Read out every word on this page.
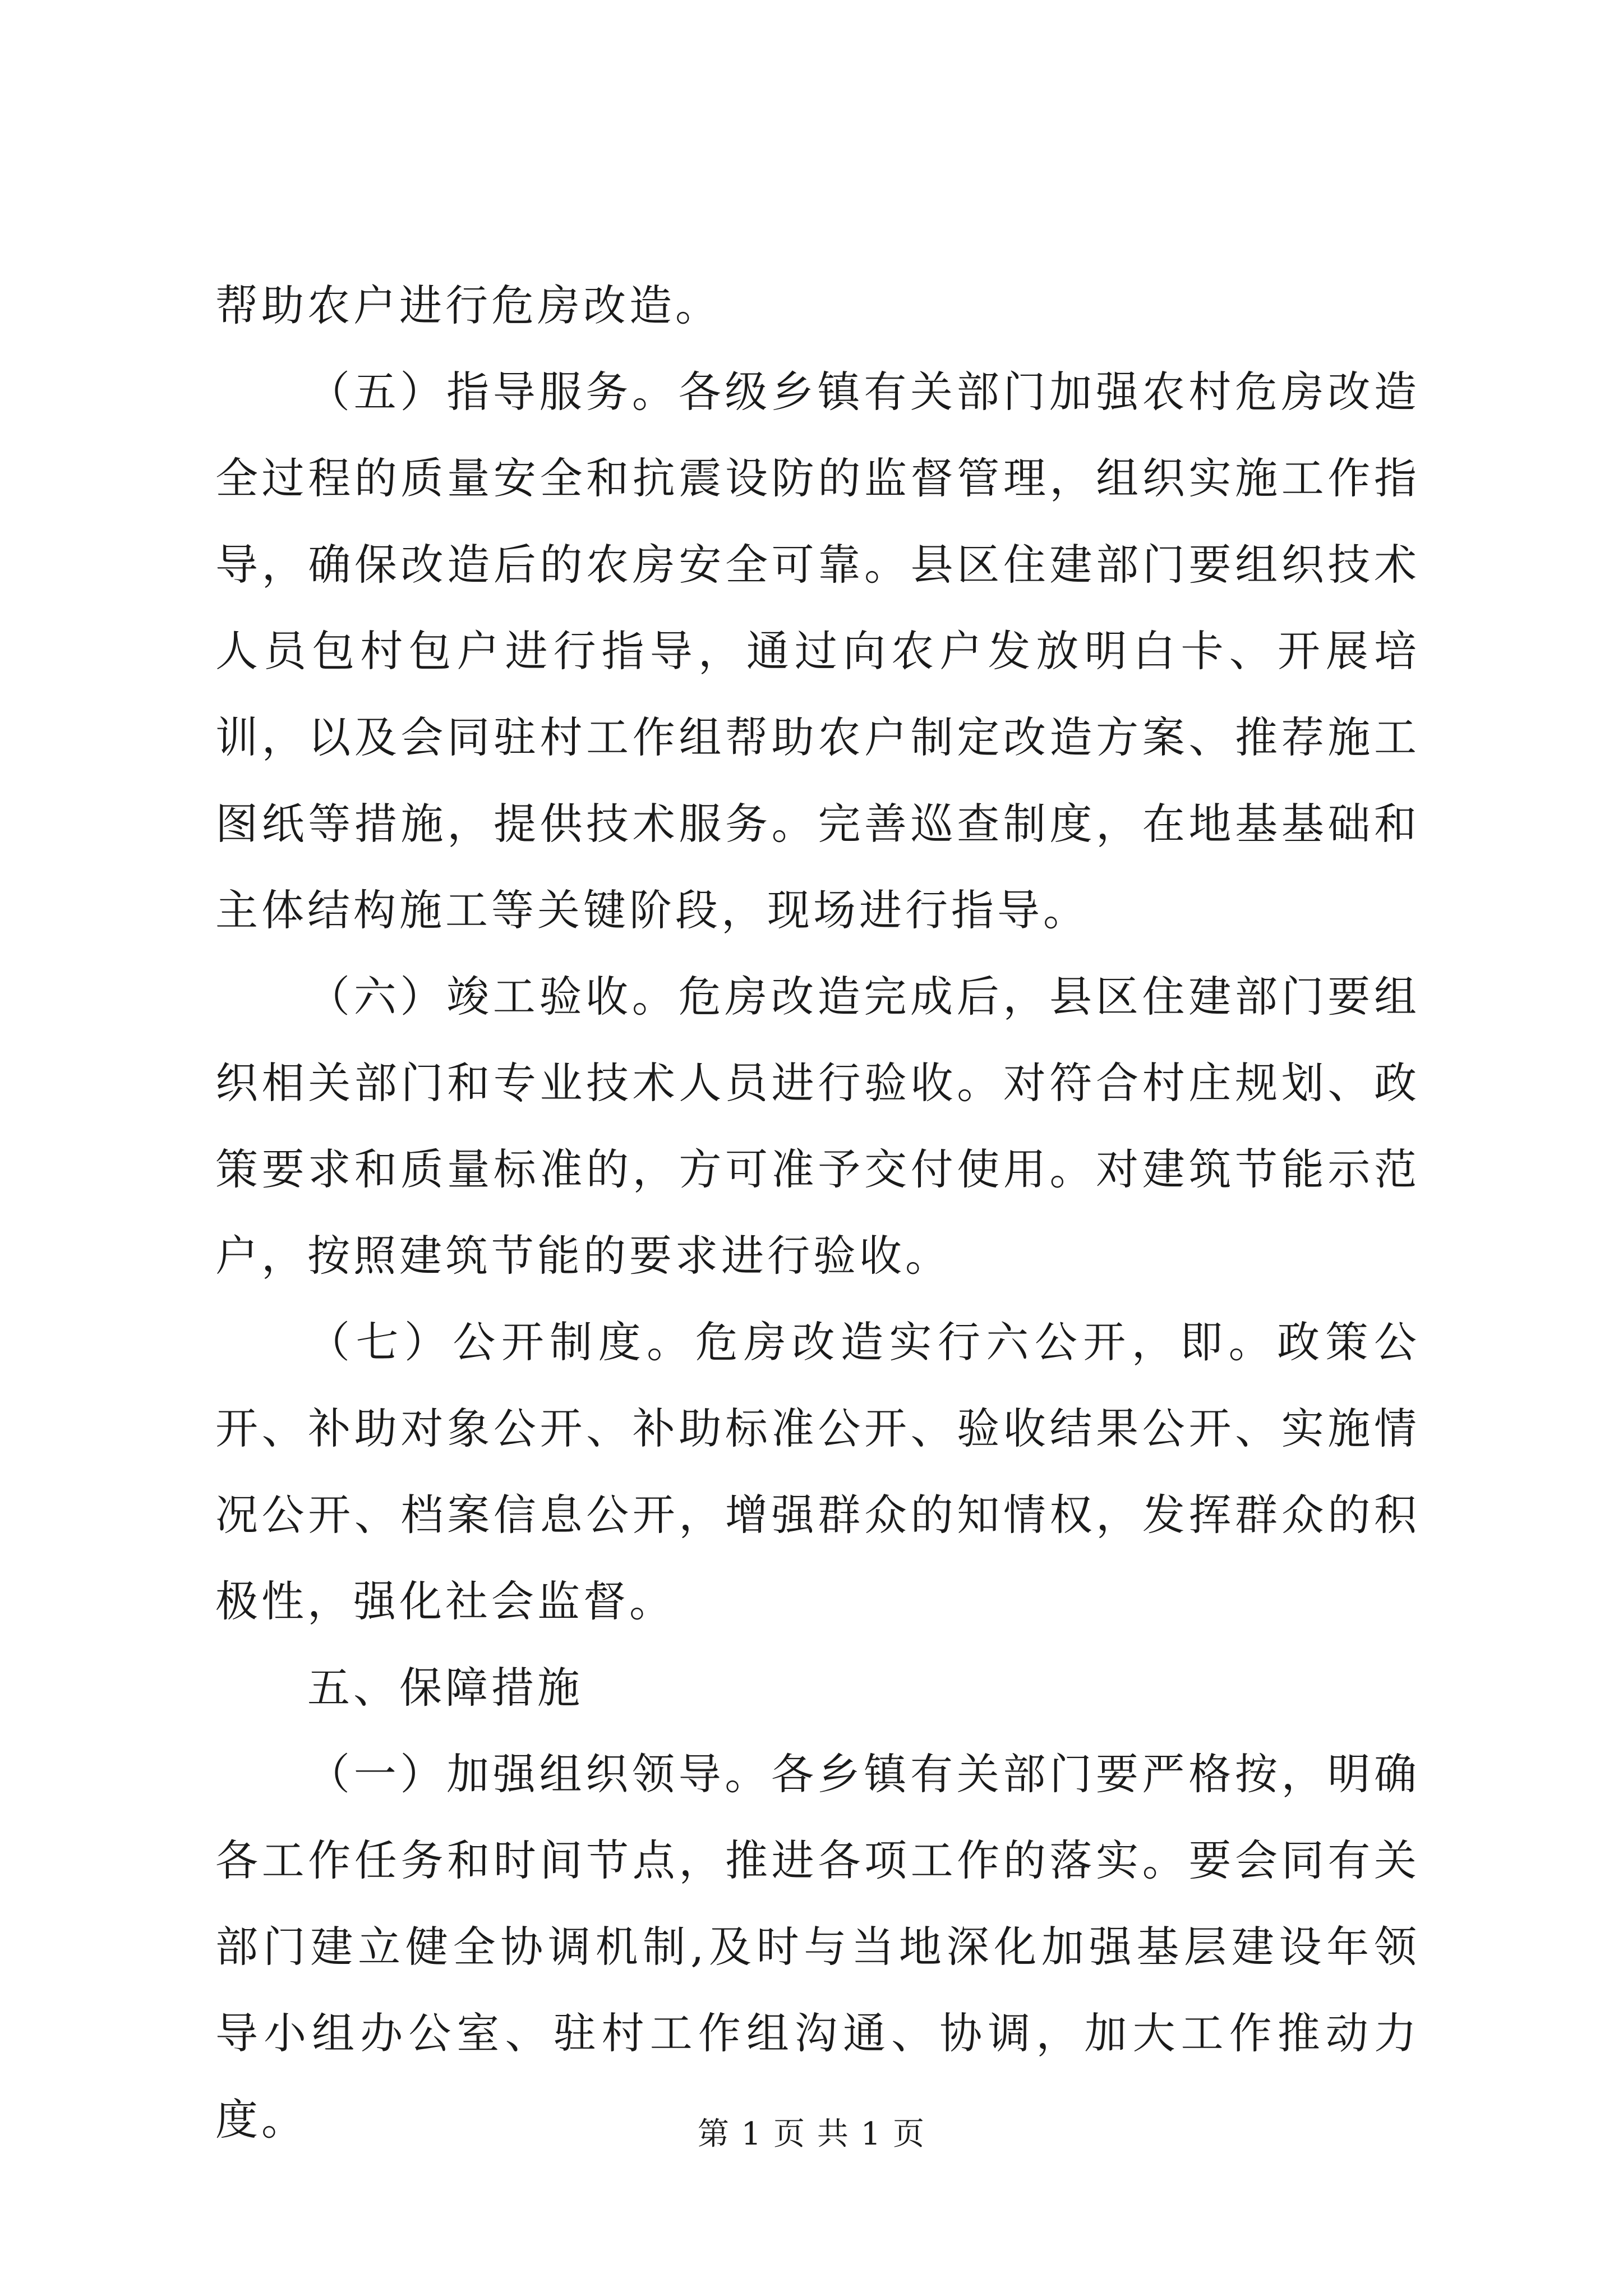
帮助农户进行危房改造。

（五）指导服务。各级乡镇有关部门加强农村危房改造全过程的质量安全和抗震设防的监督管理，组织实施工作指导，确保改造后的农房安全可靠。县区住建部门要组织技术人员包村包户进行指导，通过向农户发放明白卡、开展培训，以及会同驻村工作组帮助农户制定改造方案、推荐施工图纸等措施，提供技术服务。完善巡查制度，在地基基础和主体结构施工等关键阶段，现场进行指导。

（六）竣工验收。危房改造完成后，县区住建部门要组织相关部门和专业技术人员进行验收。对符合村庄规划、政策要求和质量标准的，方可准予交付使用。对建筑节能示范户，按照建筑节能的要求进行验收。

（七）公开制度。危房改造实行六公开，即。政策公开、补助对象公开、补助标准公开、验收结果公开、实施情况公开、档案信息公开，增强群众的知情权，发挥群众的积极性，强化社会监督。

五、保障措施

（一）加强组织领导。各乡镇有关部门要严格按，明确各工作任务和时间节点，推进各项工作的落实。要会同有关部门建立健全协调机制,及时与当地深化加强基层建设年领导小组办公室、驻村工作组沟通、协调，加大工作推动力度。	第 1 页 共 1 页
